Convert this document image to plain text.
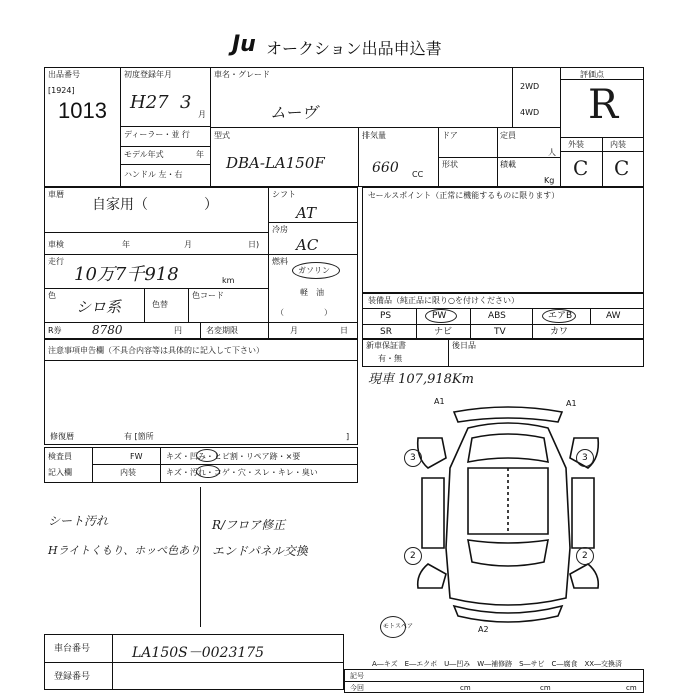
Ju オークション出品申込書
出品番号
[1924]
1013
初度登録年月
H27 3
月
ディーラー・並 行
モデル年式	年
ハンドル 左・右
車名・グレード
ムーヴ
2WD
4WD
型式
DBA-LA150F
排気量
660 CC
ドア
形状
定員
人
積載
Kg
評価点
R
外装	内装
C C
車暦
自家用（　　　　）
車検	年	月	日)
走行
10万7千918	km
色
シロ系	色替
色コード
R券	8780	円	名変期限	月	日
シフト
AT
冷房
AC
燃料
ガソリン
軽　油
（　　　　　）
セールスポイント（正常に機能するものに限ります）
装備品（純正品に限り○を付けください）
PS	PW	ABS	エアB	AW
SR	ナビ	TV	カワ
新車保証書
有・無
後日品
現車 107,918Km
注意事項申告欄（不具合内容等は具体的に記入して下さい）
修復暦	有 [箇所	]
検査員
記入欄
FW	キズ・凹み・ヒビ割・リペア跡・×要
内装	キズ・汚れ・コゲ・穴・スレ・キレ・臭い
シート汚れ
Hライトくもり、ホッぺ色あり
R/フロア修正
エンドパネル交換
A1	A1
A2
3	3
2	2
モトスペア
車台番号	LA150S－0023175
登録番号
A―キズ　E―エクボ　U―凹み　W―補修跡　S―サビ　C―腐食　XX―交換済
記号
今回	cm	cm	cm
